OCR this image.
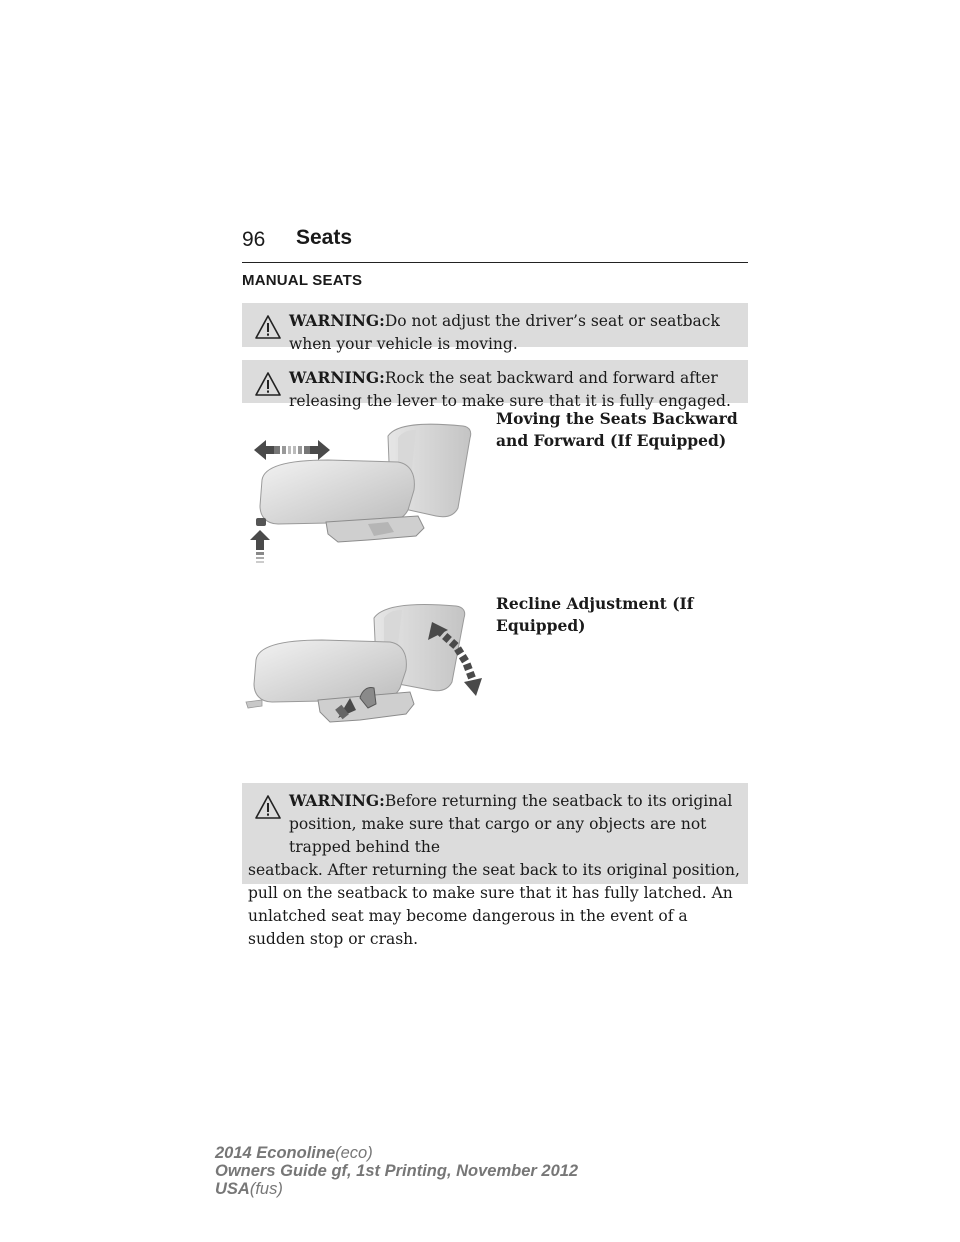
96 Seats
MANUAL SEATS
WARNING:Do not adjust the driver’s seat or seatback when your vehicle is moving.
WARNING:Rock the seat backward and forward after releasing the lever to make sure that it is fully engaged.
Moving the Seats Backward and Forward (If Equipped)
Recline Adjustment (If Equipped)
WARNING:Before returning the seatback to its original position, make sure that cargo or any objects are not trapped behind the
seatback. After returning the seat back to its original position, pull on the seatback to make sure that it has fully latched. An unlatched seat may become dangerous in the event of a sudden stop or crash.
2014 Econoline(eco)
Owners Guide gf, 1st Printing, November 2012
USA(fus)
